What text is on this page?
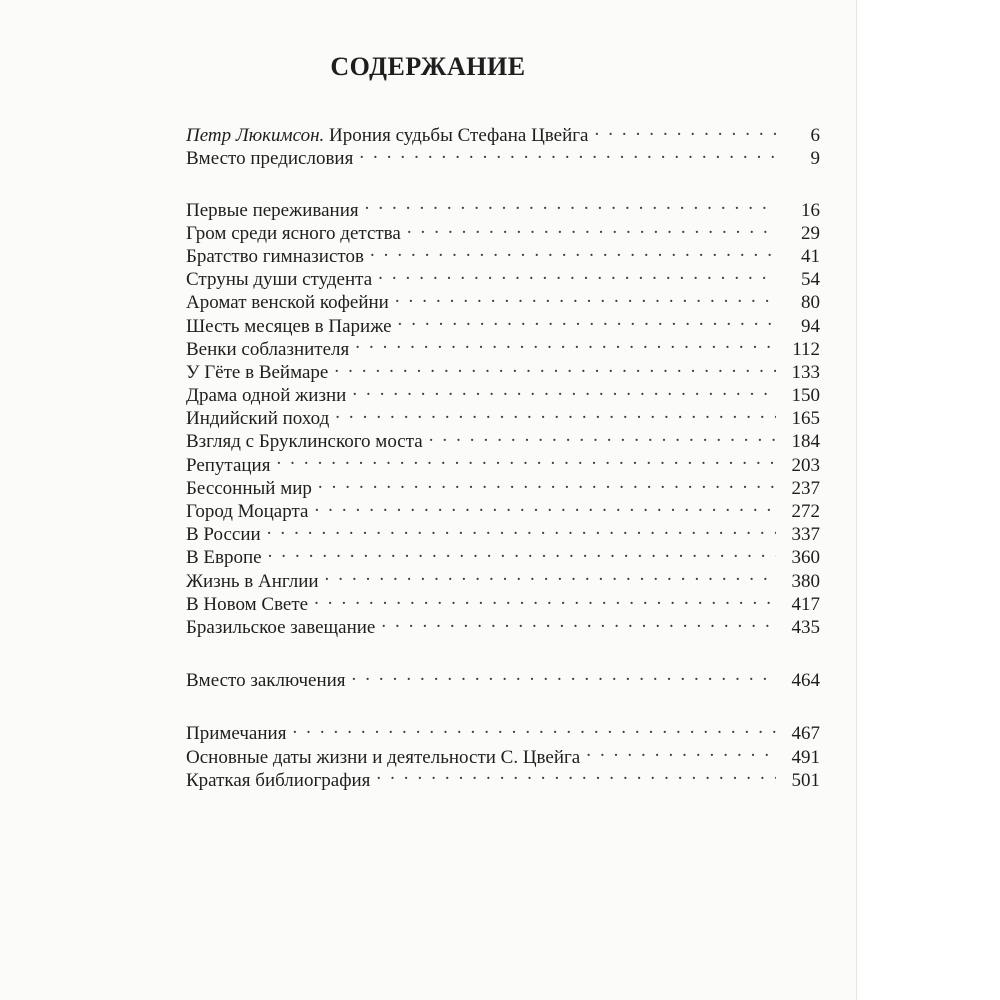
СОДЕРЖАНИЕ
Петр Люкимсон. Ирония судьбы Стефана Цвейга . . .	6
Вместо предисловия . . .	9
Первые переживания . . .	16
Гром среди ясного детства . . .	29
Братство гимназистов . . .	41
Струны души студента . . .	54
Аромат венской кофейни . . .	80
Шесть месяцев в Париже . . .	94
Венки соблазнителя . . .	112
У Гёте в Веймаре . . .	133
Драма одной жизни . . .	150
Индийский поход . . .	165
Взгляд с Бруклинского моста . . .	184
Репутация . . .	203
Бессонный мир . . .	237
Город Моцарта . . .	272
В России . . .	337
В Европе . . .	360
Жизнь в Англии . . .	380
В Новом Свете . . .	417
Бразильское завещание . . .	435
Вместо заключения . . .	464
Примечания . . .	467
Основные даты жизни и деятельности С. Цвейга . . .	491
Краткая библиография . . .	501
